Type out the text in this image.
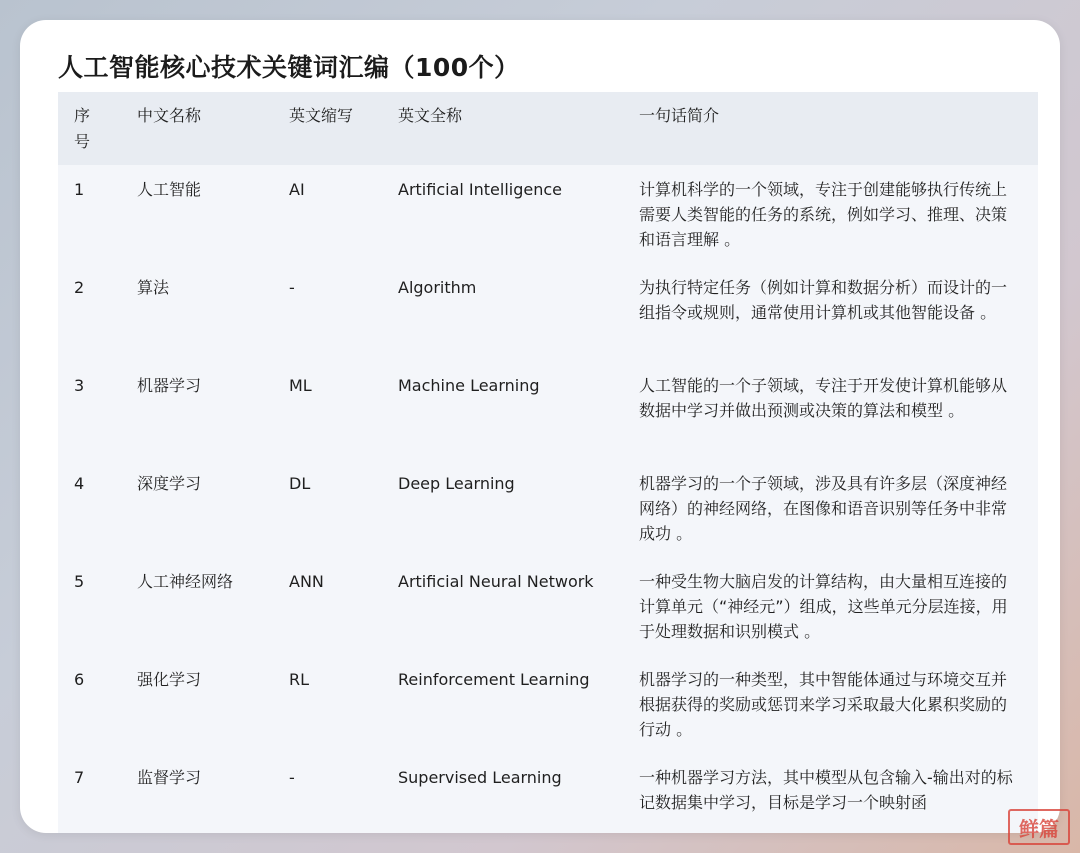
人工智能核心技术关键词汇编（100个）
序号	中文名称	英文缩写	英文全称	一句话简介
1	人工智能	AI	Artificial Intelligence	计算机科学的一个领域，专注于创建能够执行传统上需要人类智能的任务的系统，例如学习、推理、决策和语言理解 。
2	算法	-	Algorithm	为执行特定任务（例如计算和数据分析）而设计的一组指令或规则，通常使用计算机或其他智能设备 。
3	机器学习	ML	Machine Learning	人工智能的一个子领域，专注于开发使计算机能够从数据中学习并做出预测或决策的算法和模型 。
4	深度学习	DL	Deep Learning	机器学习的一个子领域，涉及具有许多层（深度神经网络）的神经网络，在图像和语音识别等任务中非常成功 。
5	人工神经网络	ANN	Artificial Neural Network	一种受生物大脑启发的计算结构，由大量相互连接的计算单元（“神经元”）组成，这些单元分层连接，用于处理数据和识别模式 。
6	强化学习	RL	Reinforcement Learning	机器学习的一种类型，其中智能体通过与环境交互并根据获得的奖励或惩罚来学习采取最大化累积奖励的行动 。
7	监督学习	-	Supervised Learning	一种机器学习方法，其中模型从包含输入-输出对的标记数据集中学习，目标是学习一个映射函
鲜篇
